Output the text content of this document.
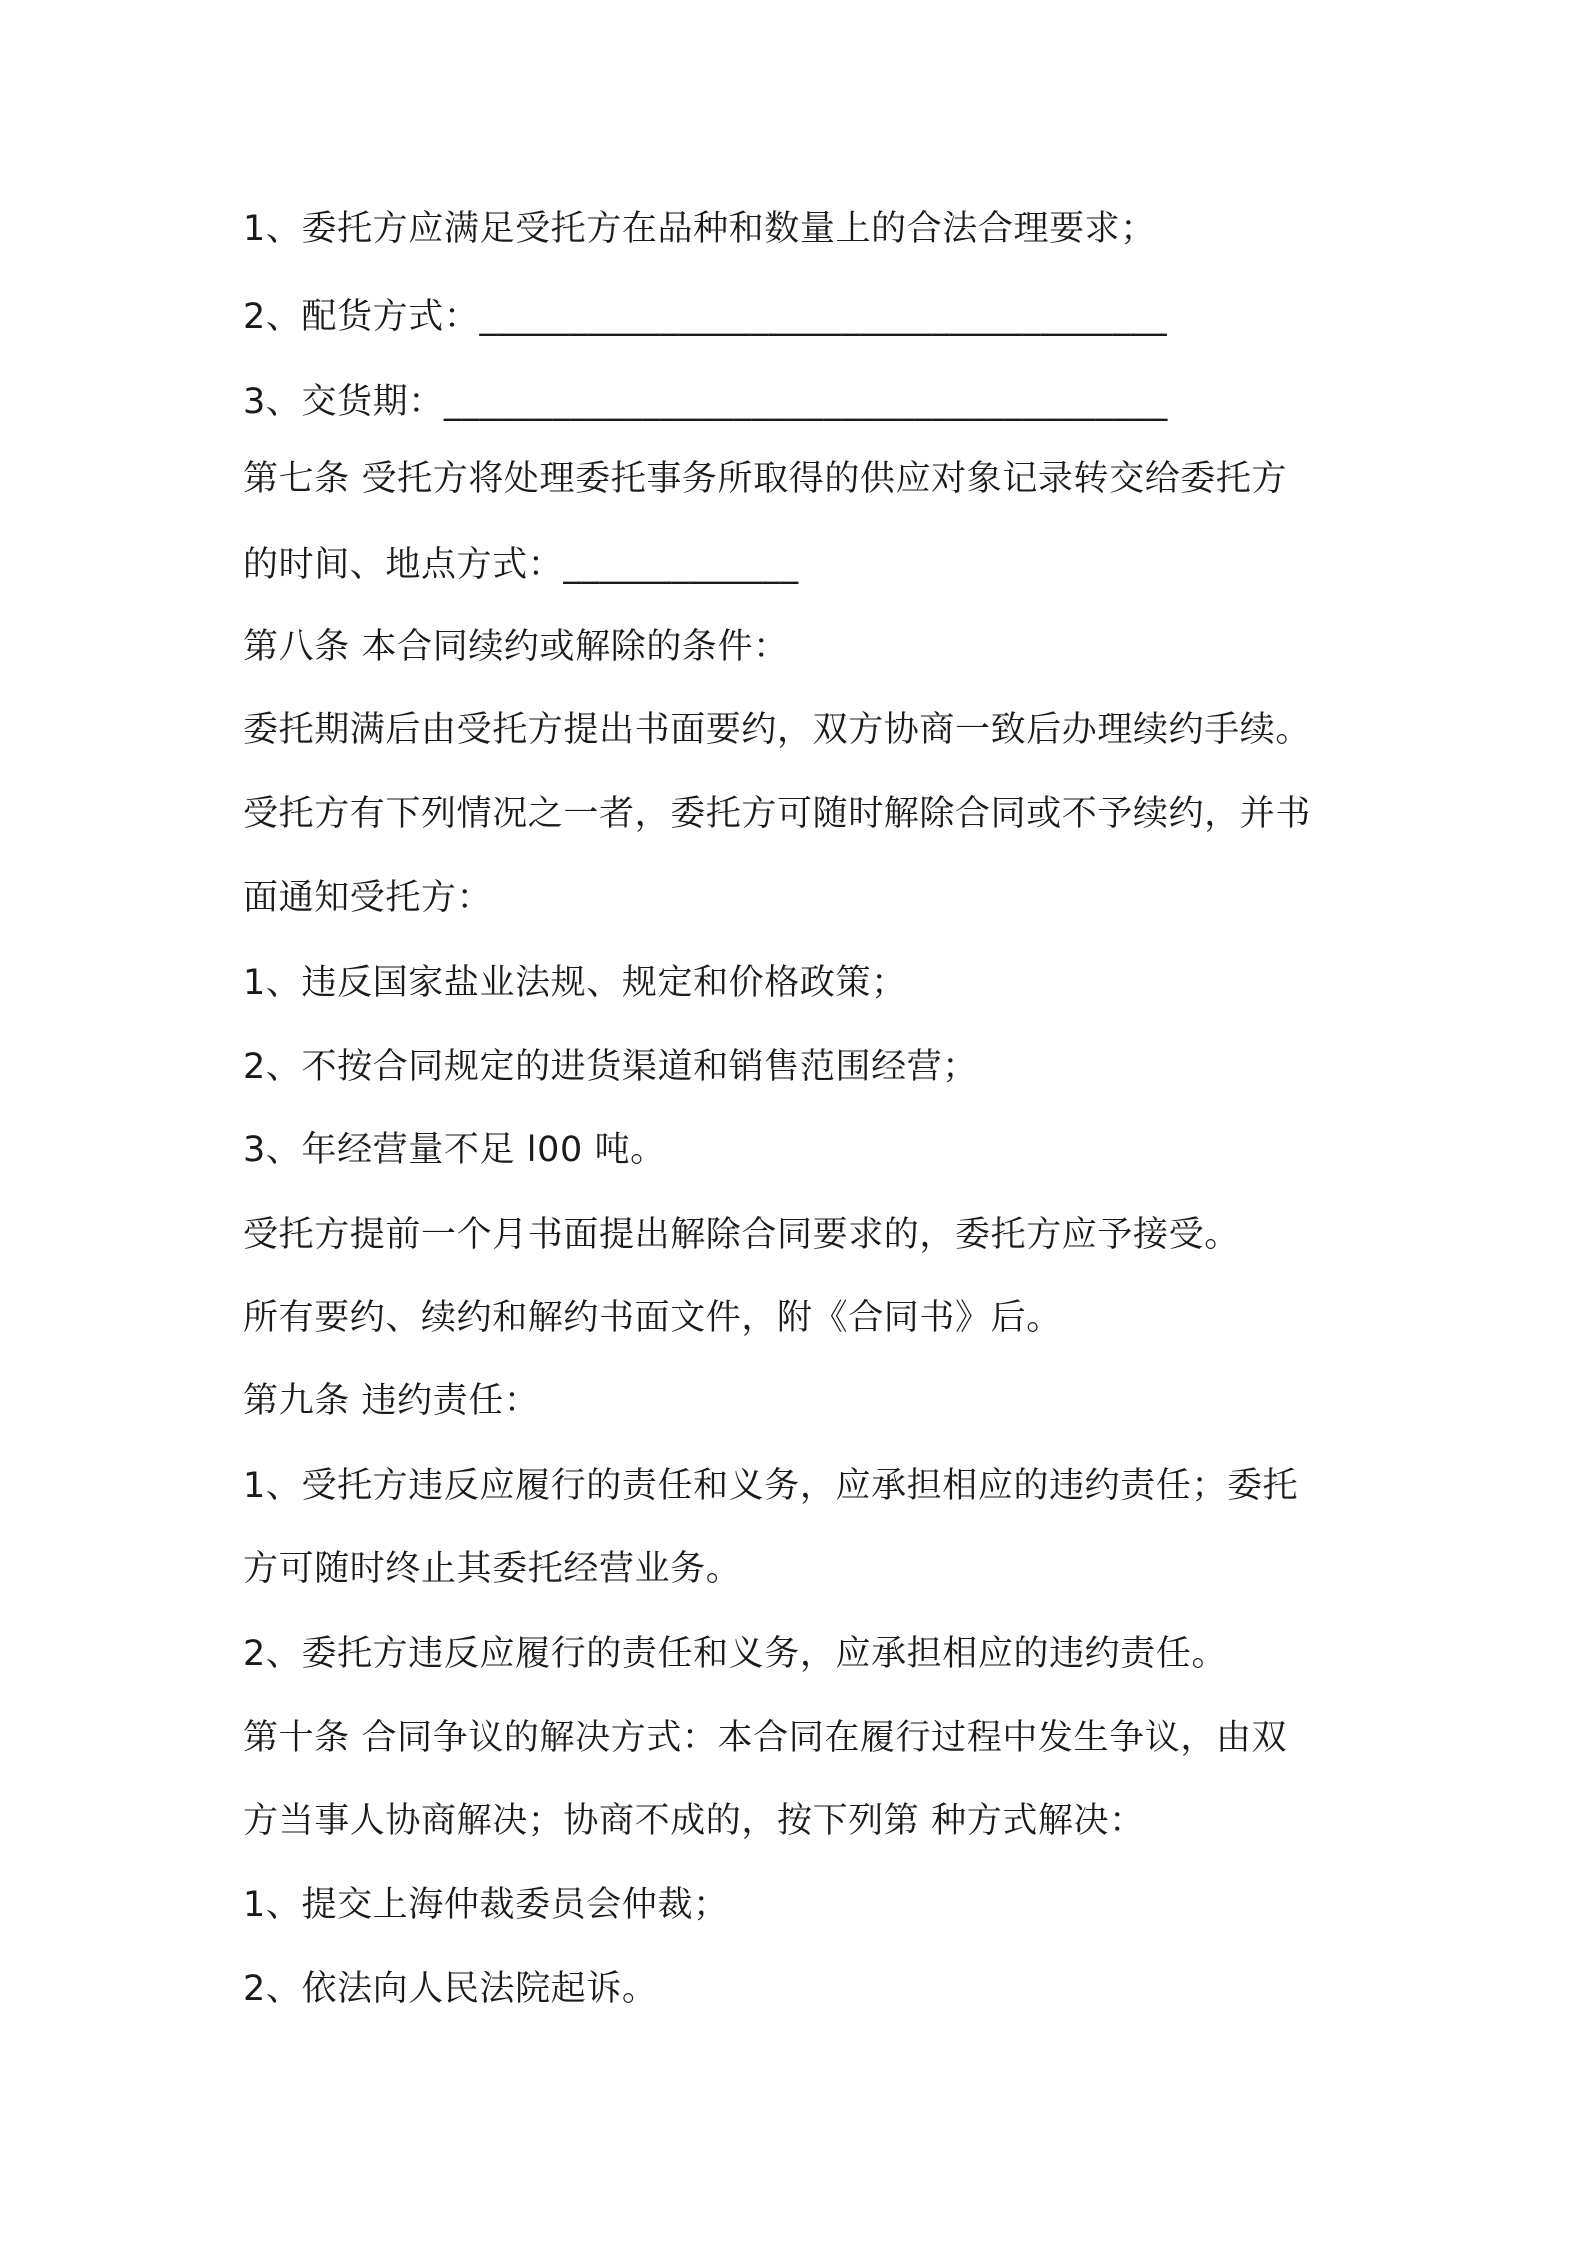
1、委托方应满足受托方在品种和数量上的合法合理要求；
2、配货方式：______________________________________
3、交货期：________________________________________
第七条 受托方将处理委托事务所取得的供应对象记录转交给委托方
的时间、地点方式：_____________
第八条 本合同续约或解除的条件：
委托期满后由受托方提出书面要约，双方协商一致后办理续约手续。
受托方有下列情况之一者，委托方可随时解除合同或不予续约，并书
面通知受托方：
1、违反国家盐业法规、规定和价格政策；
2、不按合同规定的进货渠道和销售范围经营；
3、年经营量不足 l00 吨。
受托方提前一个月书面提出解除合同要求的，委托方应予接受。
所有要约、续约和解约书面文件，附《合同书》后。
第九条 违约责任：
1、受托方违反应履行的责任和义务，应承担相应的违约责任；委托
方可随时终止其委托经营业务。
2、委托方违反应履行的责任和义务，应承担相应的违约责任。
第十条 合同争议的解决方式：本合同在履行过程中发生争议，由双
方当事人协商解决；协商不成的，按下列第 种方式解决：
1、提交上海仲裁委员会仲裁；
2、依法向人民法院起诉。
